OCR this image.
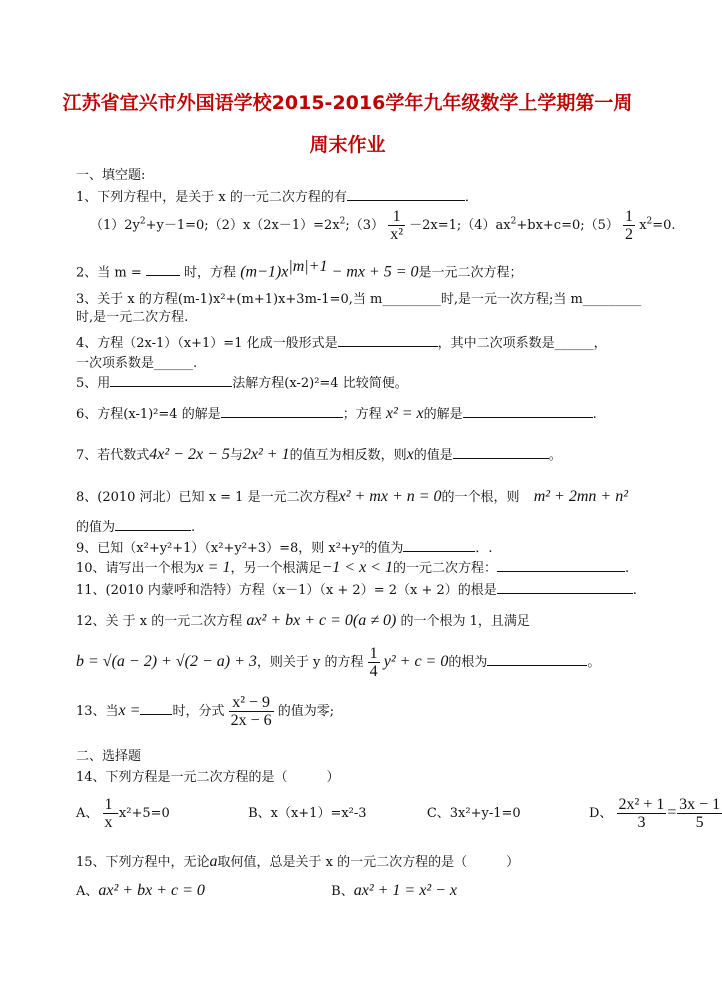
江苏省宜兴市外国语学校2015-2016学年九年级数学上学期第一周
周末作业
一、填空题:
1、下列方程中，是关于 x 的一元二次方程的有	．
$(1)2y^2+y-1=0;(2)x(2x-1)=2x^2;(3) \frac{1}{\text{x²}}$ $-2x=1;(4)ax^2+bx+c=0;(5) \frac{1}{2} x^2=0$.
2、当 m =	时，方程 $(m-1)x^{|m|+1}$ − mx + 5 = 0是一元二次方程；
3、关于 x 的方程(m-1)x²+(m+1)x+3m-1=0,当 m_________时,是一元一次方程;当 m_________
时,是一元二次方程.
4、方程（2x-1）（x+1）=1 化成一般形式是	，其中二次项系数是______，
一次项系数是______.
5、用	法解方程(x-2)²=4 比较简便。
6、方程(x-1)²=4 的解是	；方程 x² = x的解是	.
7、若代数式4x² − 2x − 5与2x² + 1的值互为相反数，则x的值是	。
8、(2010 河北）已知 x = 1 是一元二次方程x² + mx + n = 0的一个根，则 m² + 2mn + n²
的值为	.
9、已知（x²+y²+1）（x²+y²+3）=8，则 x²+y²的值为	．.
10、请写出一个根为x = 1，另一个根满足−1 < x < 1的一元二次方程：	.
11、(2010 内蒙呼和浩特）方程（x－1）（x + 2）= 2（x + 2）的根是	.
12、关 于 x 的一元二次方程 ax² + bx + c = 0(a ≠ 0) 的一个根为 1，且满足
b = √(a − 2) + √(2 − a) + 3，则关于 y 的方程 $\frac{1}{4} y^2 + c = 0$的根为	。
13、当x = 时，分式 $\frac{\text{x² − 9}}{2x - 6}$ 的值为零;
二、选择题
14、下列方程是一元二次方程的是（　　　）
A、 $\frac{1}{x} -x^2+5=0$	B、x（x+1）=x²-3	C、3x²+y-1=0	D、 $\frac{\text{2x² + 1}}{3} = \frac{3x - 1}{5}$
15、下列方程中，无论a取何值，总是关于 x 的一元二次方程的是（　　　）
A、ax² + bx + c = 0	B、ax² + 1 = x² − x
